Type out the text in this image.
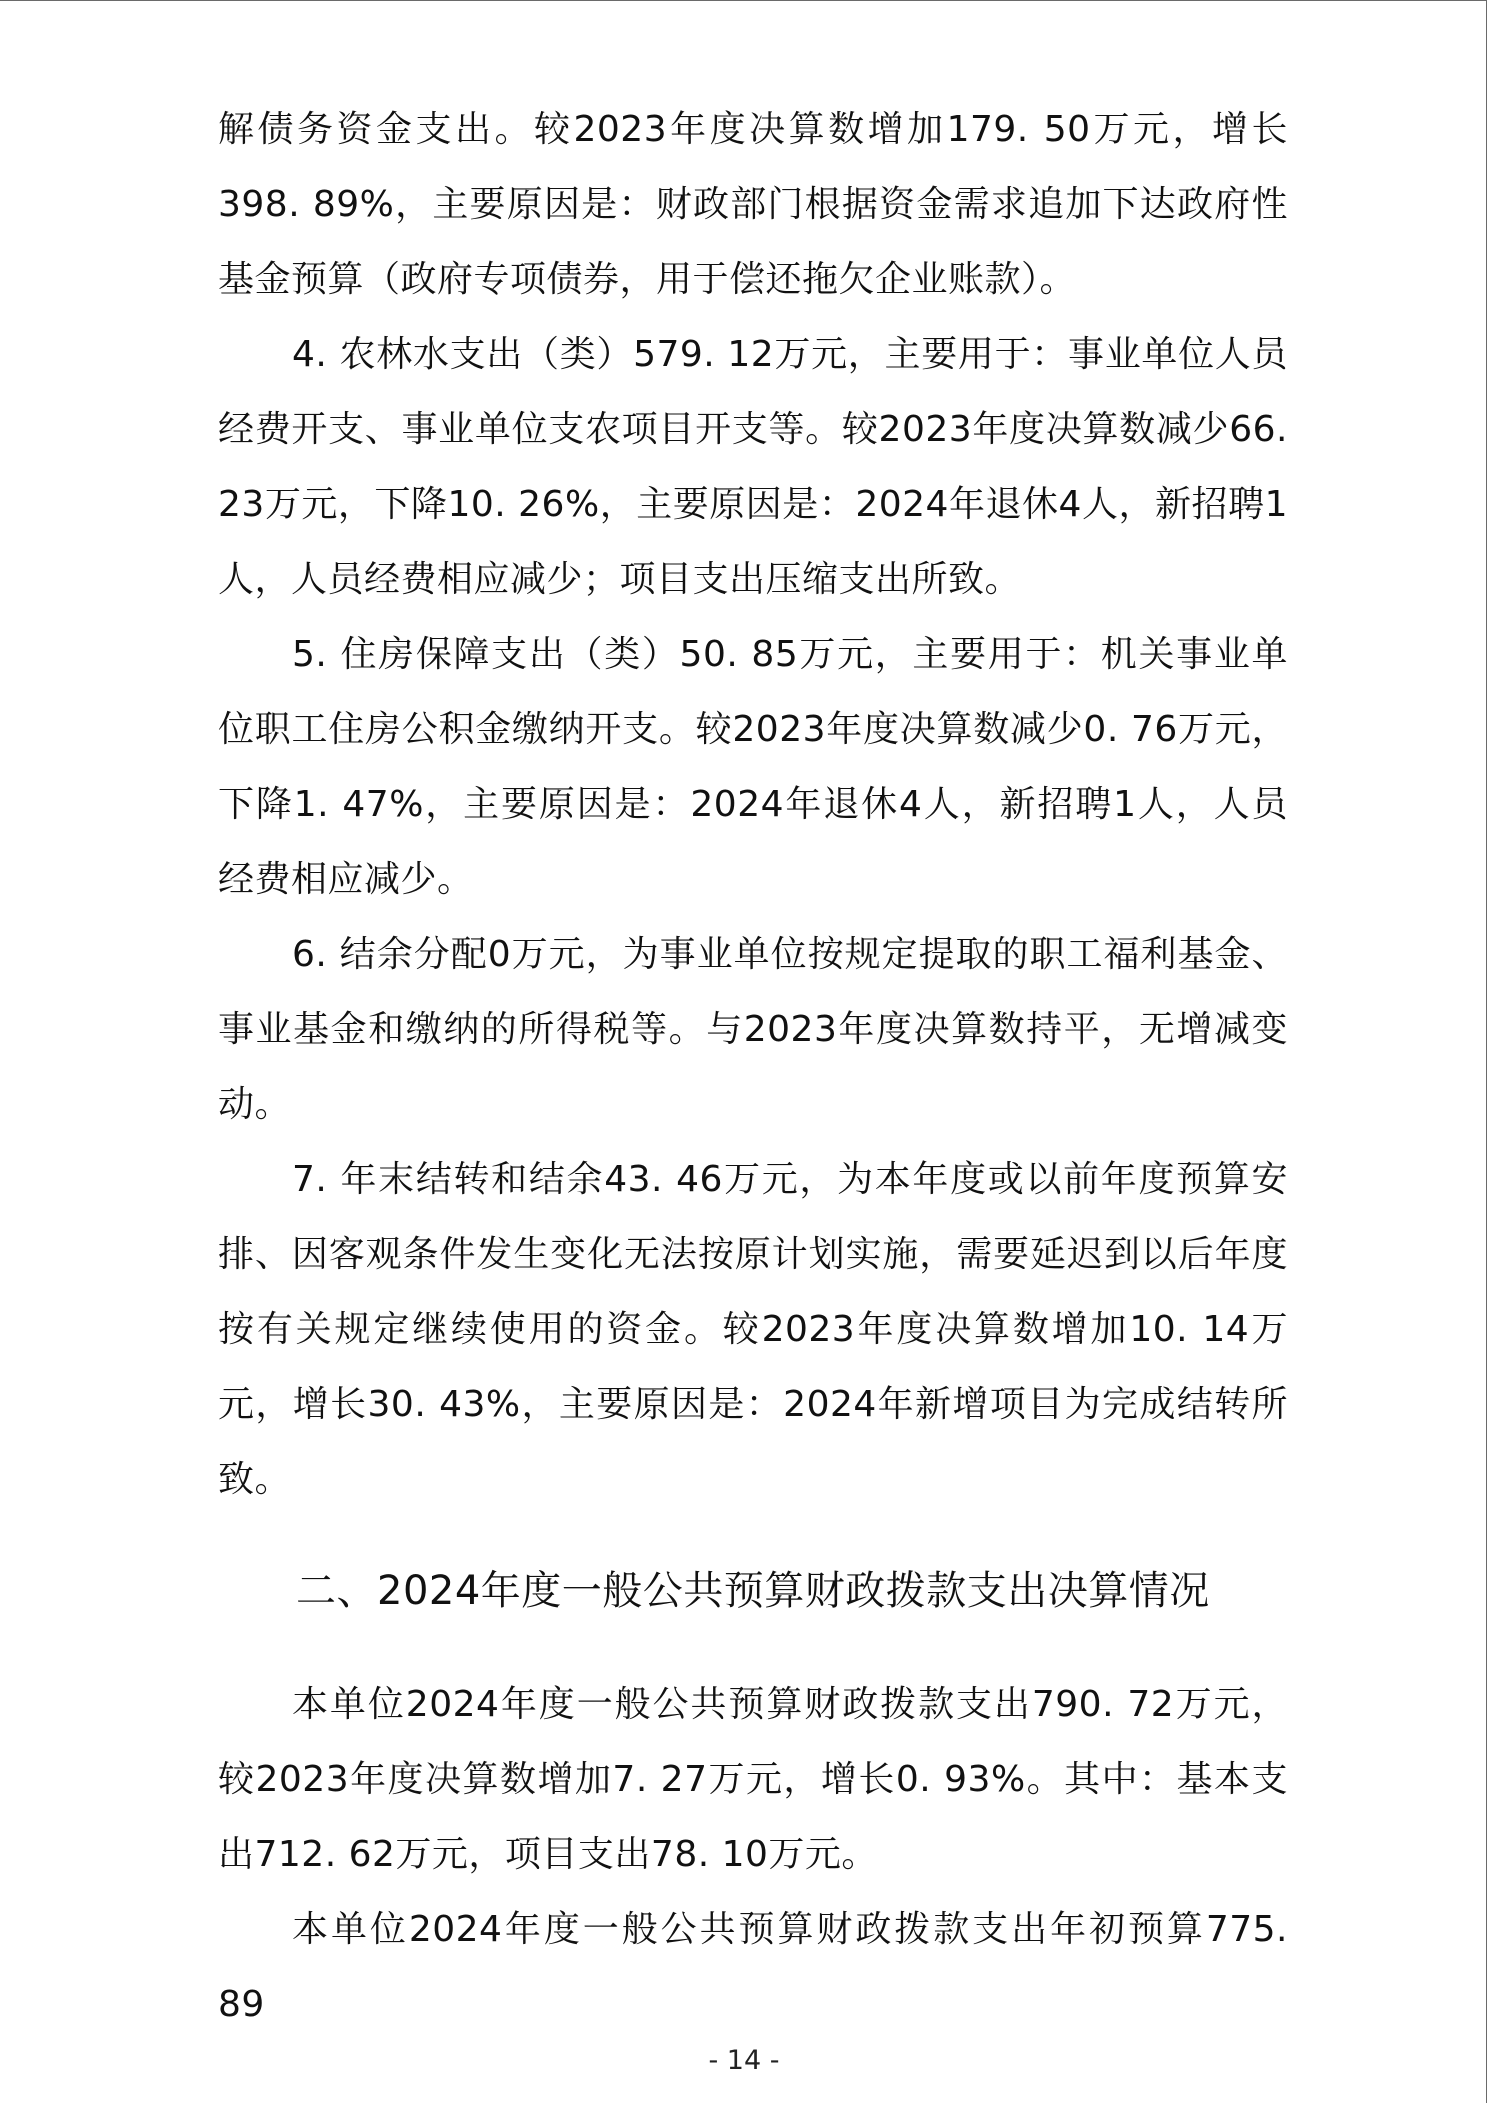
解债务资金支出。较2023年度决算数增加179. 50万元，增长398. 89%，主要原因是：财政部门根据资金需求追加下达政府性基金预算（政府专项债券，用于偿还拖欠企业账款）。

4. 农林水支出（类）579. 12万元，主要用于：事业单位人员经费开支、事业单位支农项目开支等。较2023年度决算数减少66. 23万元，下降10. 26%，主要原因是：2024年退休4人，新招聘1人，人员经费相应减少；项目支出压缩支出所致。

5. 住房保障支出（类）50. 85万元，主要用于：机关事业单位职工住房公积金缴纳开支。较2023年度决算数减少0. 76万元，下降1. 47%，主要原因是：2024年退休4人，新招聘1人，人员经费相应减少。

6. 结余分配0万元，为事业单位按规定提取的职工福利基金、事业基金和缴纳的所得税等。与2023年度决算数持平，无增减变动。

7. 年末结转和结余43. 46万元，为本年度或以前年度预算安排、因客观条件发生变化无法按原计划实施，需要延迟到以后年度按有关规定继续使用的资金。较2023年度决算数增加10. 14万元，增长30. 43%，主要原因是：2024年新增项目为完成结转所致。

二、2024年度一般公共预算财政拨款支出决算情况

本单位2024年度一般公共预算财政拨款支出790. 72万元，较2023年度决算数增加7. 27万元，增长0. 93%。其中：基本支出712. 62万元，项目支出78. 10万元。

本单位2024年度一般公共预算财政拨款支出年初预算775. 89

- 14 -
